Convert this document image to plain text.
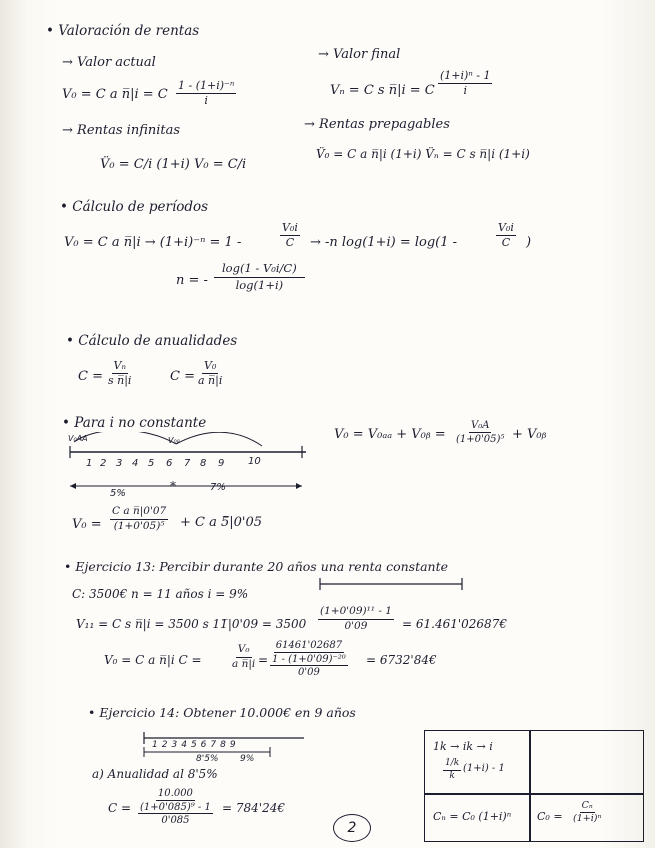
• Valoración de rentas
→ Valor actual
V₀ = C a n̅|i = C $\frac{\text{1 - (1+i)⁻ⁿ}}{i}$
→ Valor final
Vₙ = C s n̅|i = C $\frac{\text{(1+i)ⁿ - 1}}{i}$
→ Rentas infinitas
V̈₀ = C/i (1+i) V₀ = C/i
→ Rentas prepagables
V̈₀ = C a n̅|i (1+i) V̈ₙ = C s n̅|i (1+i)
• Cálculo de períodos
V₀ = C a n̅|i → (1+i)⁻ⁿ = 1 -	$\frac{\text{V₀i}}{C} \to -n$ log(1+i) = log(1 -	$\frac{\text{V₀i}}{C}$ )
n = - $\frac{\text{log(1 - V₀i/C)}}{\log(1+i)}$
• Cálculo de anualidades
$C = \frac{\text{Vₙ}}{\text{s n̅|i}}$	$C = \frac{\text{V₀}}{\text{a n̅|i}}$
• Para i no constante
V₀ = V₀ₐₐ + V₀ᵦ = $\frac{\text{V₀A}}{\text{(1+0'05)⁵}}$ + V₀ᵦ
*
V₀AA	V₀ᵦ
1 2 3 4 5 6 7 8 9 10
5%
7%
$V_0 = \frac{\text{C a n̅|0'07}}{\text{(1+0'05)⁵}} + C$ a 5̅|0'05
• Ejercicio 13: Percibir durante 20 años una renta constante
C: 3500€ n = 11 años i = 9%
V₁₁ = C s n̅|i = 3500 s 11̅|0'09 = $3500 \frac{\text{(1+0'09)¹¹ - 1}}{0'09}$ = 61.461'02687€
V₀ = C a n̅|i C =	$\frac{\text{V₀}}{\text{a n̅|i}}$ =
61461'02687
1 - (1+0'09)⁻²⁰
0'09
= 6732'84€
• Ejercicio 14: Obtener 10.000€ en 9 años
123456789
8'5% 9%
a) Anualidad al 8'5%
C =
10.000
(1+0'085)⁹ - 1
0'085
= 784'24€
2
1k → ik → i
$\frac{1/k}{k} (1+i) - 1$
Cₙ = C₀ (1+i)ⁿ $C_0 = \frac{\text{Cₙ}}{\text{(1+i)ⁿ}}$
